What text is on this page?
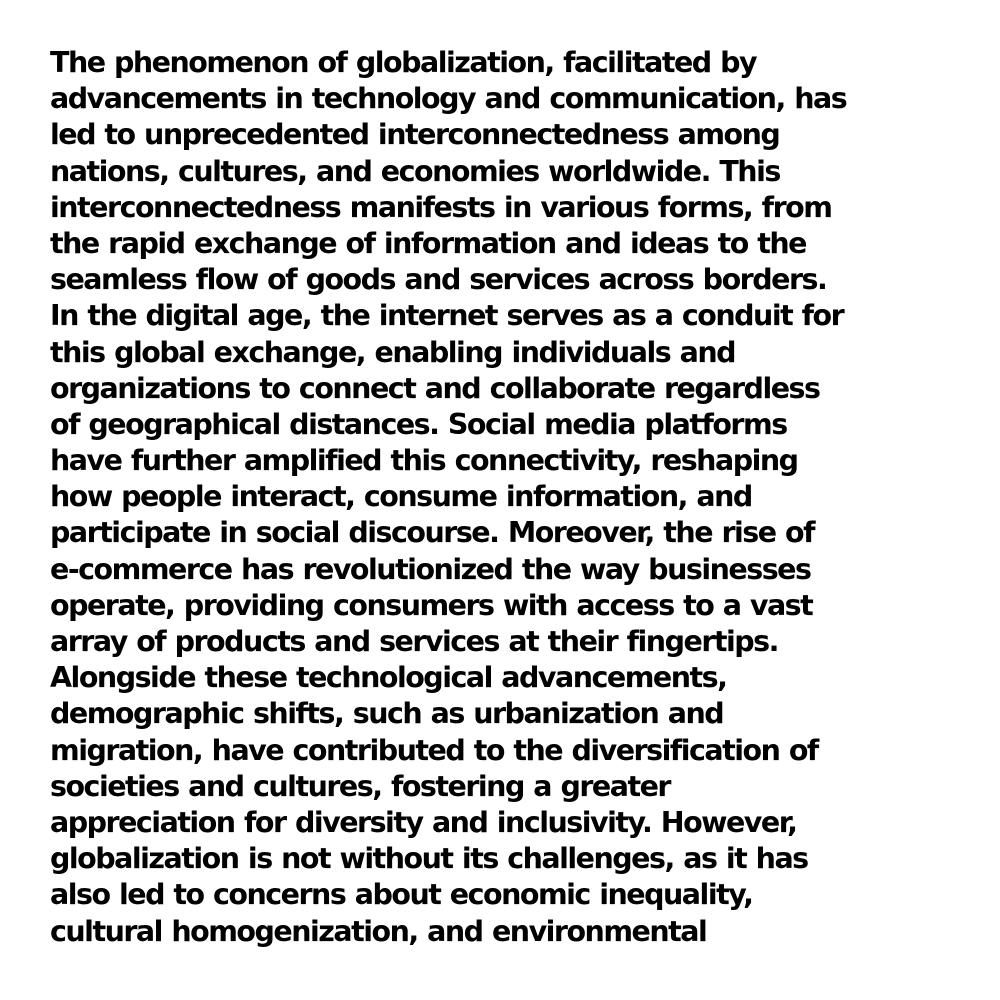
The phenomenon of globalization, facilitated by
advancements in technology and communication, has
led to unprecedented interconnectedness among
nations, cultures, and economies worldwide. This
interconnectedness manifests in various forms, from
the rapid exchange of information and ideas to the
seamless flow of goods and services across borders.
In the digital age, the internet serves as a conduit for
this global exchange, enabling individuals and
organizations to connect and collaborate regardless
of geographical distances. Social media platforms
have further amplified this connectivity, reshaping
how people interact, consume information, and
participate in social discourse. Moreover, the rise of
e-commerce has revolutionized the way businesses
operate, providing consumers with access to a vast
array of products and services at their fingertips.
Alongside these technological advancements,
demographic shifts, such as urbanization and
migration, have contributed to the diversification of
societies and cultures, fostering a greater
appreciation for diversity and inclusivity. However,
globalization is not without its challenges, as it has
also led to concerns about economic inequality,
cultural homogenization, and environmental
